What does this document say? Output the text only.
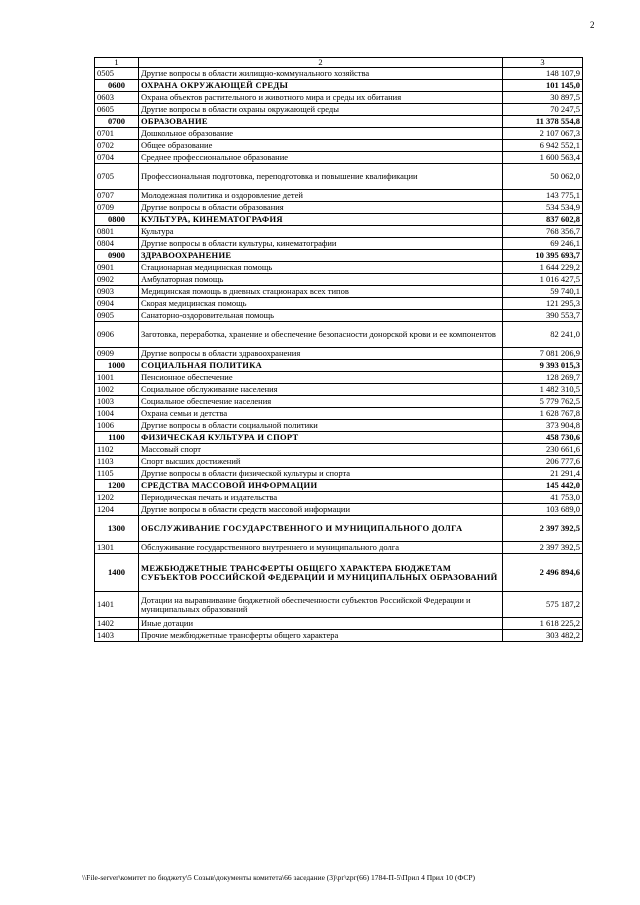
2
1	2	3
0505	Другие вопросы в области жилищно-коммунального хозяйства	148 107,9
0600	ОХРАНА ОКРУЖАЮЩЕЙ СРЕДЫ	101 145,0
0603	Охрана объектов растительного и животного мира и среды их обитания	30 897,5
0605	Другие вопросы в области охраны окружающей среды	70 247,5
0700	ОБРАЗОВАНИЕ	11 378 554,8
0701	Дошкольное образование	2 107 067,3
0702	Общее образование	6 942 552,1
0704	Среднее профессиональное образование	1 600 563,4
0705	Профессиональная подготовка, переподготовка и повышение квалификации	50 062,0
0707	Молодежная политика и оздоровление детей	143 775,1
0709	Другие вопросы в области образования	534 534,9
0800	КУЛЬТУРА, КИНЕМАТОГРАФИЯ	837 602,8
0801	Культура	768 356,7
0804	Другие вопросы в области культуры, кинематографии	69 246,1
0900	ЗДРАВООХРАНЕНИЕ	10 395 693,7
0901	Стационарная медицинская помощь	1 644 229,2
0902	Амбулаторная помощь	1 016 427,5
0903	Медицинская помощь в дневных стационарах всех типов	59 740,1
0904	Скорая медицинская помощь	121 295,3
0905	Санаторно-оздоровительная помощь	390 553,7
0906	Заготовка, переработка, хранение и обеспечение безопасности донорской крови и ее компонентов	82 241,0
0909	Другие вопросы в области здравоохранения	7 081 206,9
1000	СОЦИАЛЬНАЯ ПОЛИТИКА	9 393 015,3
1001	Пенсионное обеспечение	128 269,7
1002	Социальное обслуживание населения	1 482 310,5
1003	Социальное обеспечение населения	5 779 762,5
1004	Охрана семьи и детства	1 628 767,8
1006	Другие вопросы в области социальной политики	373 904,8
1100	ФИЗИЧЕСКАЯ КУЛЬТУРА И СПОРТ	458 730,6
1102	Массовый спорт	230 661,6
1103	Спорт высших достижений	206 777,6
1105	Другие вопросы в области физической культуры и спорта	21 291,4
1200	СРЕДСТВА МАССОВОЙ ИНФОРМАЦИИ	145 442,0
1202	Периодическая печать и издательства	41 753,0
1204	Другие вопросы в области средств массовой информации	103 689,0
1300	ОБСЛУЖИВАНИЕ ГОСУДАРСТВЕННОГО И МУНИЦИПАЛЬНОГО ДОЛГА	2 397 392,5
1301	Обслуживание государственного внутреннего и муниципального долга	2 397 392,5
1400	МЕЖБЮДЖЕТНЫЕ ТРАНСФЕРТЫ ОБЩЕГО ХАРАКТЕРА БЮДЖЕТАМ СУБЪЕКТОВ РОССИЙСКОЙ ФЕДЕРАЦИИ И МУНИЦИПАЛЬНЫХ ОБРАЗОВАНИЙ	2 496 894,6
1401	Дотации на выравнивание бюджетной обеспеченности субъектов Российской Федерации и муниципальных образований	575 187,2
1402	Иные дотации	1 618 225,2
1403	Прочие межбюджетные трансферты общего характера	303 482,2
\\File-server\комитет по бюджету\5 Созыв\документы комитета\66 заседание (3)\рг\zрг(66) 1784-П-5\Прил 4 Прил 10 (ФСР)
